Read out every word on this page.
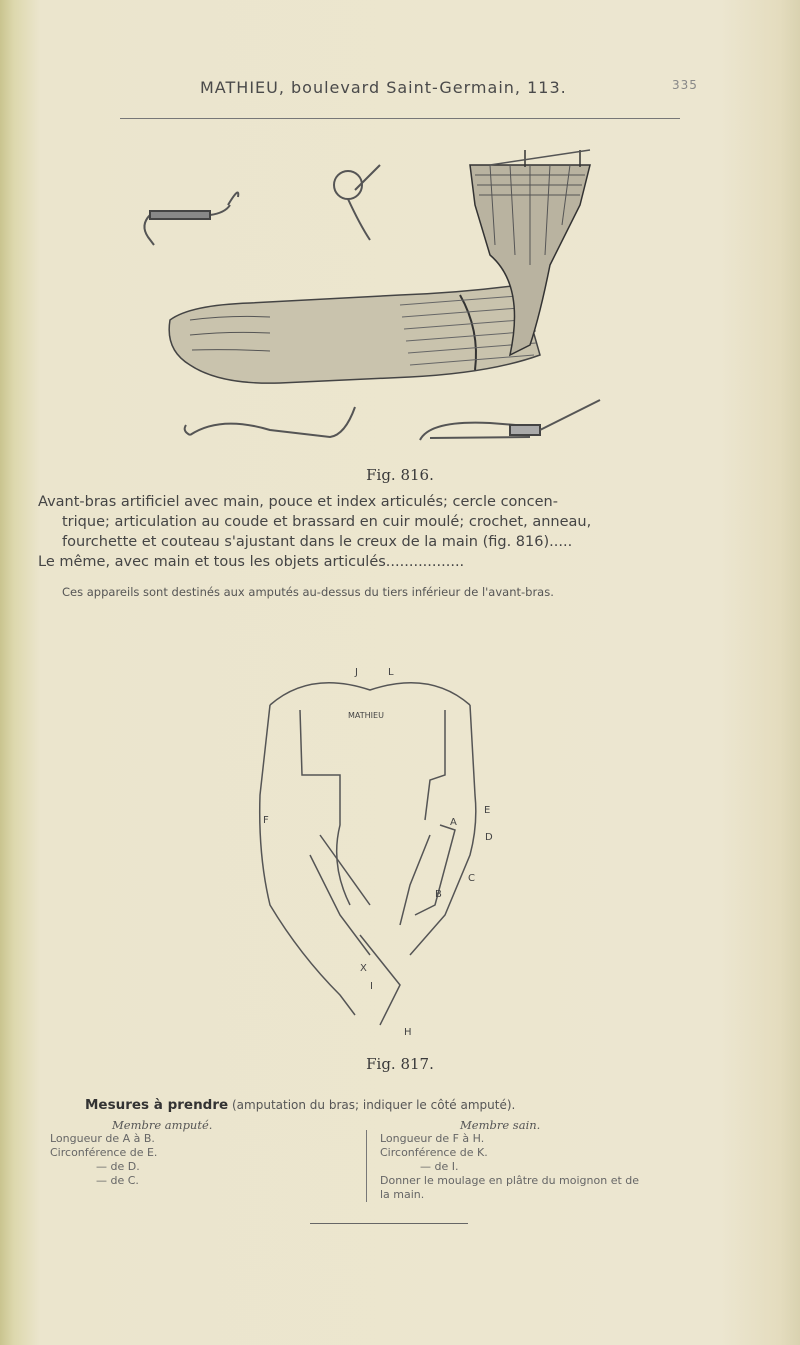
MATHIEU, boulevard Saint-Germain, 113.	335
Fig. 816.

Avant-bras artificiel avec main, pouce et index articulés; cercle concen-

trique; articulation au coude et brassard en cuir moulé; crochet, anneau,

fourchette et couteau s'ajustant dans le creux de la main (fig. 816).....

Le même, avec main et tous les objets articulés.................

Ces appareils sont destinés aux amputés au-dessus du tiers inférieur de l'avant-bras.
J	L
MATHIEU
E
A
D
C
B
F
X
I
H
Fig. 817.
Mesures à prendre (amputation du bras; indiquer le côté amputé).
Membre amputé.
Longueur de A à B.
Circonférence de E.
— de D.
— de C.
Membre sain.
Longueur de F à H.
Circonférence de K.
— de I.
Donner le moulage en plâtre du moignon et de
la main.
